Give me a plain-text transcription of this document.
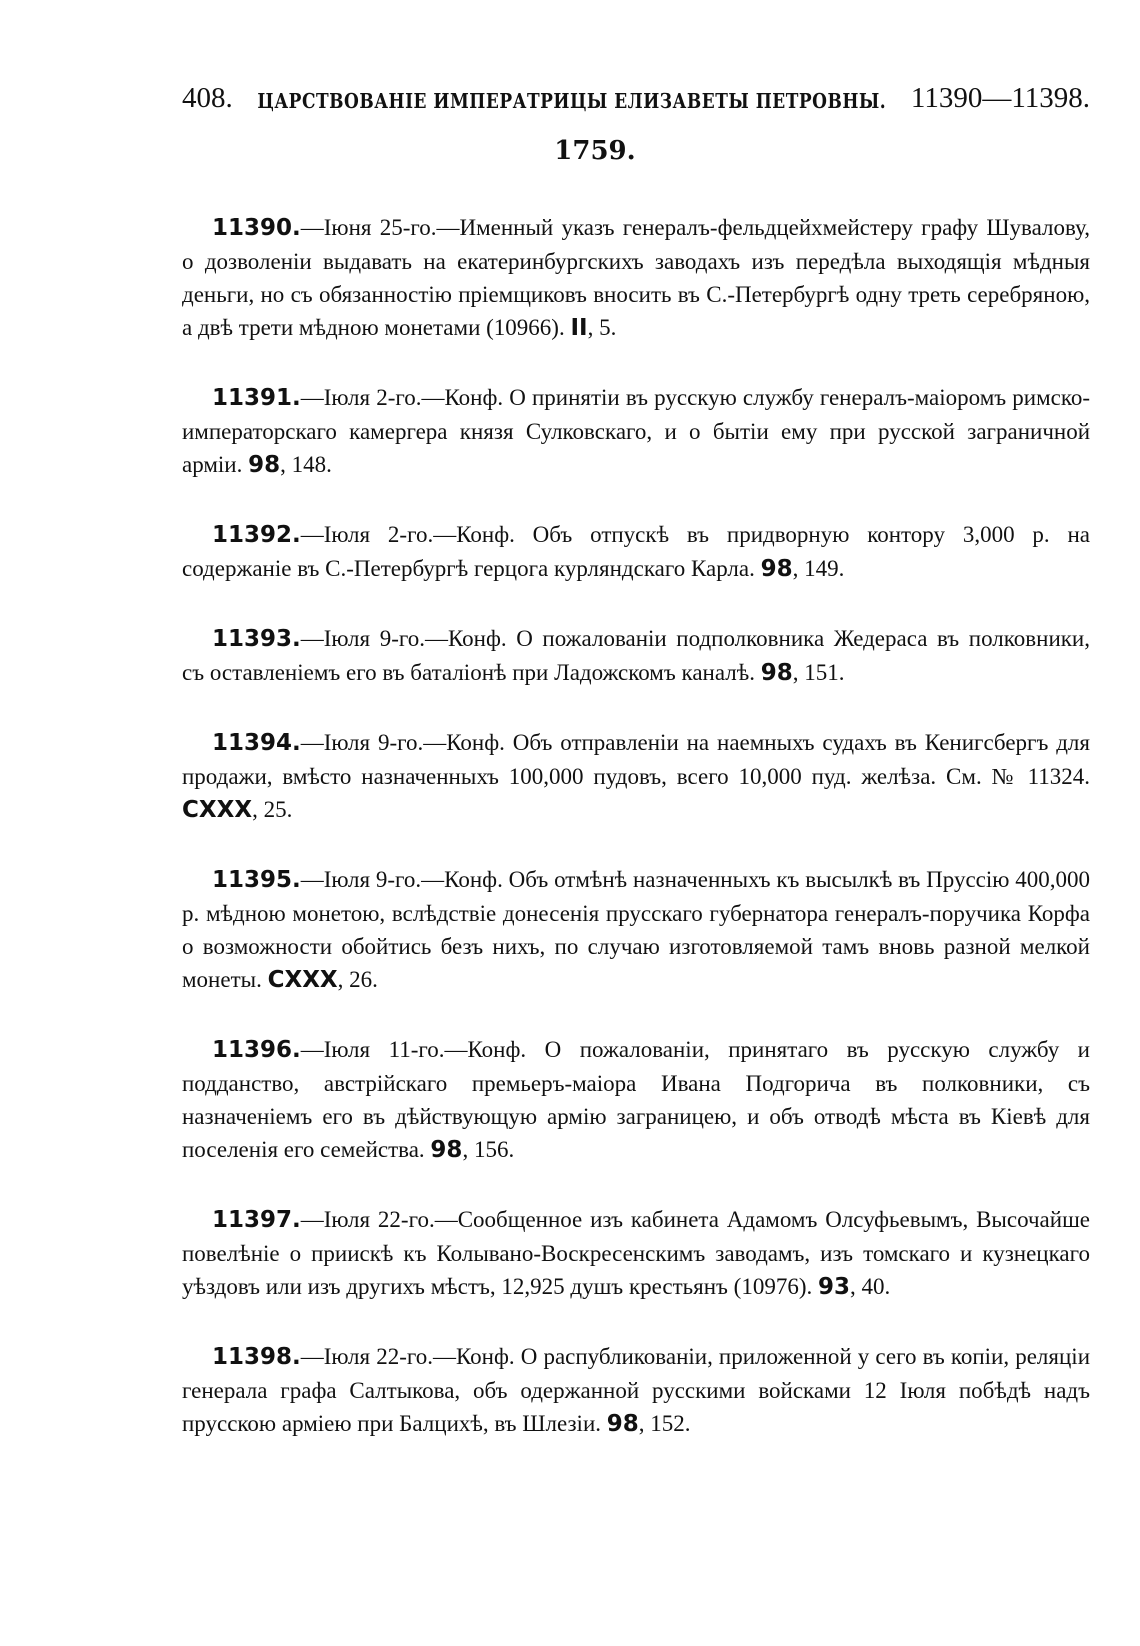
408. ЦАРСТВОВАНІЕ ИМПЕРАТРИЦЫ ЕЛИЗАВЕТЫ ПЕТРОВНЫ. 11390—11398.
1759.

11390.—Іюня 25-го.—Именный указъ генералъ-фельдцейхмейстеру графу Шувалову, о дозволеніи выдавать на екатеринбургскихъ заводахъ изъ передѣла выходящія мѣдныя деньги, но съ обязанностію пріемщиковъ вносить въ С.-Петербургѣ одну треть серебряною, а двѣ трети мѣдною монетами (10966). II, 5.

11391.—Іюля 2-го.—Конф. О принятіи въ русскую службу генералъ-маіоромъ римско-императорскаго камергера князя Сулковскаго, и о бытіи ему при русской заграничной арміи. 98, 148.

11392.—Іюля 2-го.—Конф. Объ отпускѣ въ придворную контору 3,000 р. на содержаніе въ С.-Петербургѣ герцога курляндскаго Карла. 98, 149.

11393.—Іюля 9-го.—Конф. О пожалованіи подполковника Жедераса въ полковники, съ оставленіемъ его въ баталіонѣ при Ладожскомъ каналѣ. 98, 151.

11394.—Іюля 9-го.—Конф. Объ отправленіи на наемныхъ судахъ въ Кенигсбергъ для продажи, вмѣсто назначенныхъ 100,000 пудовъ, всего 10,000 пуд. желѣза. См. № 11324. CXXX, 25.

11395.—Іюля 9-го.—Конф. Объ отмѣнѣ назначенныхъ къ высылкѣ въ Пруссію 400,000 р. мѣдною монетою, вслѣдствіе донесенія прусскаго губернатора генералъ-поручика Корфа о возможности обойтись безъ нихъ, по случаю изготовляемой тамъ вновь разной мелкой монеты. CXXX, 26.

11396.—Іюля 11-го.—Конф. О пожалованіи, принятаго въ русскую службу и подданство, австрійскаго премьеръ-маіора Ивана Подгорича въ полковники, съ назначеніемъ его въ дѣйствующую армію заграницею, и объ отводѣ мѣста въ Кіевѣ для поселенія его семейства. 98, 156.

11397.—Іюля 22-го.—Сообщенное изъ кабинета Адамомъ Олсуфьевымъ, Высочайше повелѣніе о приискѣ къ Колывано-Воскресенскимъ заводамъ, изъ томскаго и кузнецкаго уѣздовъ или изъ другихъ мѣстъ, 12,925 душъ крестьянъ (10976). 93, 40.

11398.—Іюля 22-го.—Конф. О распубликованіи, приложенной у сего въ копіи, реляціи генерала графа Салтыкова, объ одержанной русскими войсками 12 Іюля побѣдѣ надъ прусскою арміею при Балцихѣ, въ Шлезіи. 98, 152.
